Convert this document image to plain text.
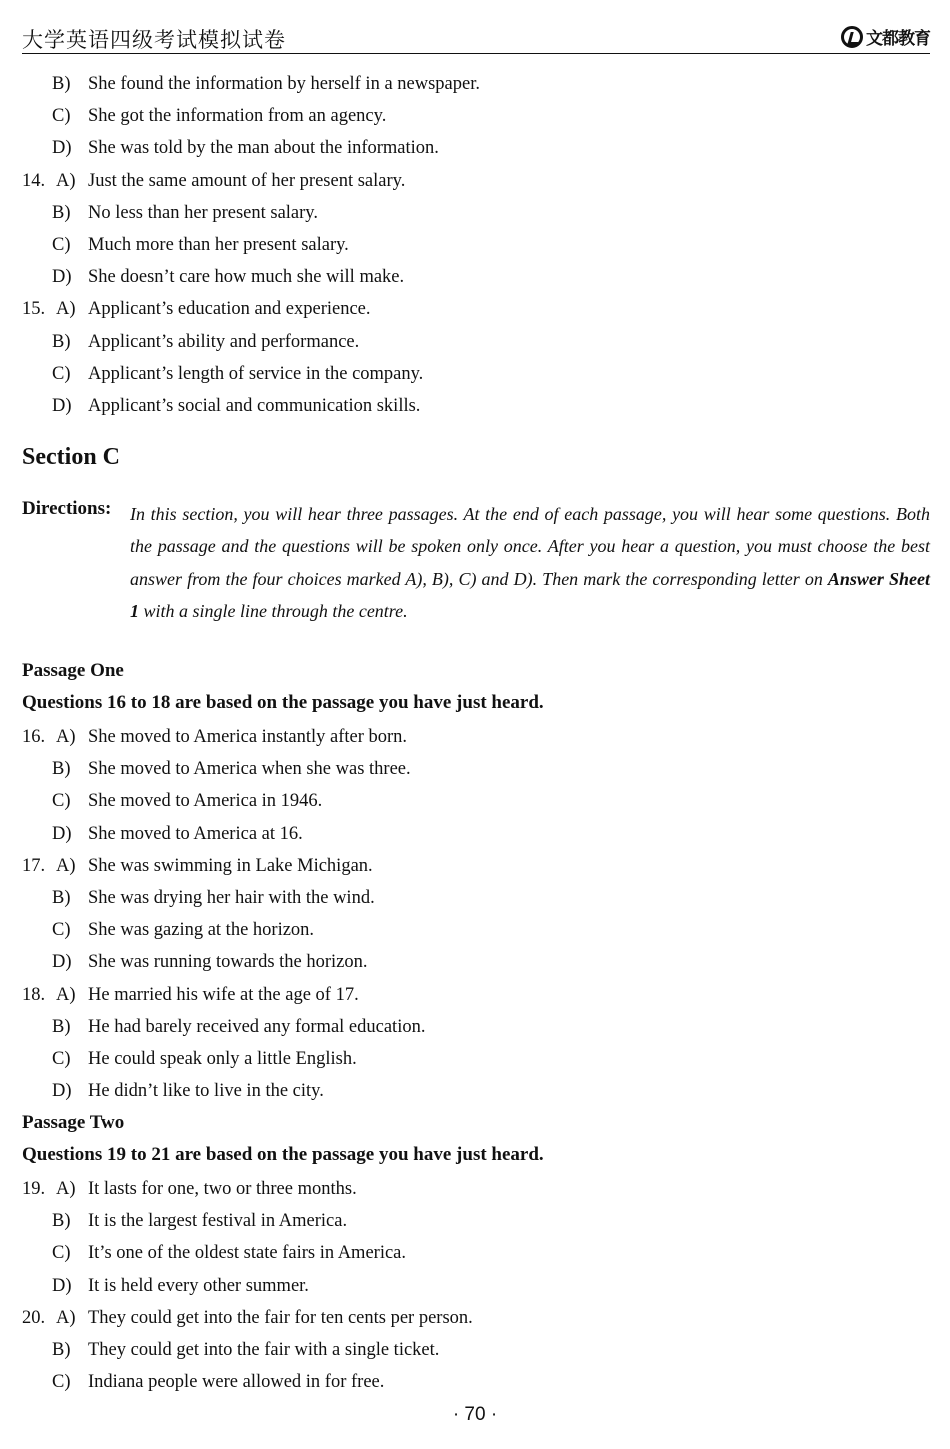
大学英语四级考试模拟试卷	文都教育
B) She found the information by herself in a newspaper.
C) She got the information from an agency.
D) She was told by the man about the information.
14. A) Just the same amount of her present salary.
B) No less than her present salary.
C) Much more than her present salary.
D) She doesn’t care how much she will make.
15. A) Applicant’s education and experience.
B) Applicant’s ability and performance.
C) Applicant’s length of service in the company.
D) Applicant’s social and communication skills.
Section C
Directions: In this section, you will hear three passages. At the end of each passage, you will hear some questions. Both the passage and the questions will be spoken only once. After you hear a question, you must choose the best answer from the four choices marked A), B), C) and D). Then mark the corresponding letter on Answer Sheet 1 with a single line through the centre.
Passage One
Questions 16 to 18 are based on the passage you have just heard.
16. A) She moved to America instantly after born.
B) She moved to America when she was three.
C) She moved to America in 1946.
D) She moved to America at 16.
17. A) She was swimming in Lake Michigan.
B) She was drying her hair with the wind.
C) She was gazing at the horizon.
D) She was running towards the horizon.
18. A) He married his wife at the age of 17.
B) He had barely received any formal education.
C) He could speak only a little English.
D) He didn’t like to live in the city.
Passage Two
Questions 19 to 21 are based on the passage you have just heard.
19. A) It lasts for one, two or three months.
B) It is the largest festival in America.
C) It’s one of the oldest state fairs in America.
D) It is held every other summer.
20. A) They could get into the fair for ten cents per person.
B) They could get into the fair with a single ticket.
C) Indiana people were allowed in for free.
· 70 ·
